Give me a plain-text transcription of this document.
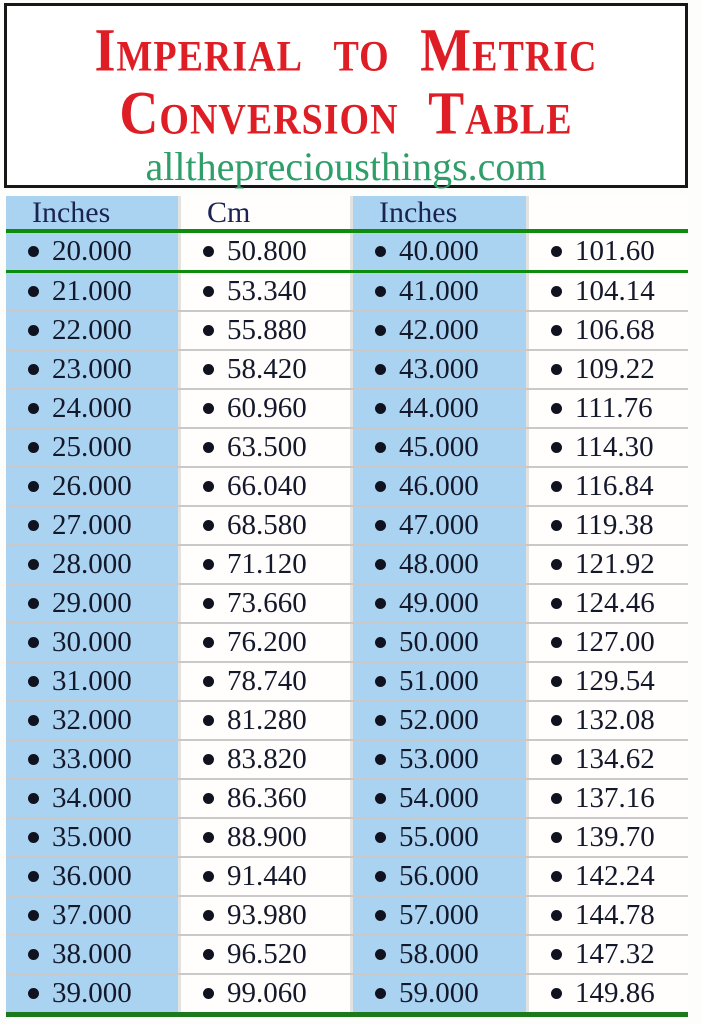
Imperial to Metric
Conversion Table
allthepreciousthings.com
Inches	Cm	Inches
20.000	50.800	40.000	101.60
21.000	53.340	41.000	104.14
22.000	55.880	42.000	106.68
23.000	58.420	43.000	109.22
24.000	60.960	44.000	111.76
25.000	63.500	45.000	114.30
26.000	66.040	46.000	116.84
27.000	68.580	47.000	119.38
28.000	71.120	48.000	121.92
29.000	73.660	49.000	124.46
30.000	76.200	50.000	127.00
31.000	78.740	51.000	129.54
32.000	81.280	52.000	132.08
33.000	83.820	53.000	134.62
34.000	86.360	54.000	137.16
35.000	88.900	55.000	139.70
36.000	91.440	56.000	142.24
37.000	93.980	57.000	144.78
38.000	96.520	58.000	147.32
39.000	99.060	59.000	149.86
